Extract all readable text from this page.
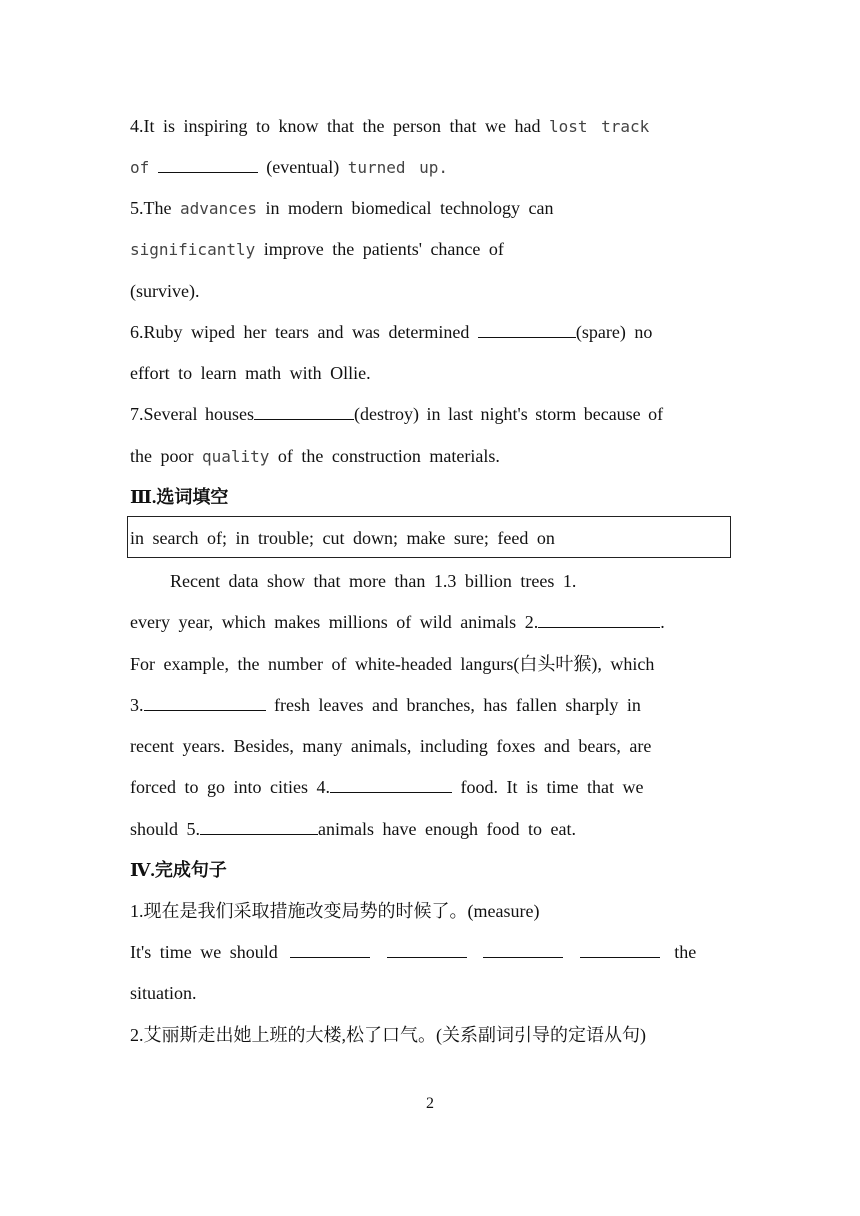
4.It is inspiring to know that the person that we had lost track
of	(eventual) turned up.
5.The advances in modern biomedical technology can
significantly improve the patients' chance of
(survive).
6.Ruby wiped her tears and was determined	(spare) no
effort to learn math with Ollie.
7.Several houses	(destroy) in last night's storm because of
the poor quality of the construction materials.
Ⅲ.选词填空
in search of; in trouble; cut down; make sure; feed on
Recent data show that more than 1.3 billion trees 1.
every year, which makes millions of wild animals 2.	.
For example, the number of white-headed langurs(白头叶猴), which
3.	fresh leaves and branches, has fallen sharply in
recent years. Besides, many animals, including foxes and bears, are
forced to go into cities 4.	food. It is time that we
should 5.	animals have enough food to eat.
Ⅳ.完成句子
1.现在是我们采取措施改变局势的时候了。(measure)
It's time we should	the
situation.
2.艾丽斯走出她上班的大楼,松了口气。(关系副词引导的定语从句)
2
